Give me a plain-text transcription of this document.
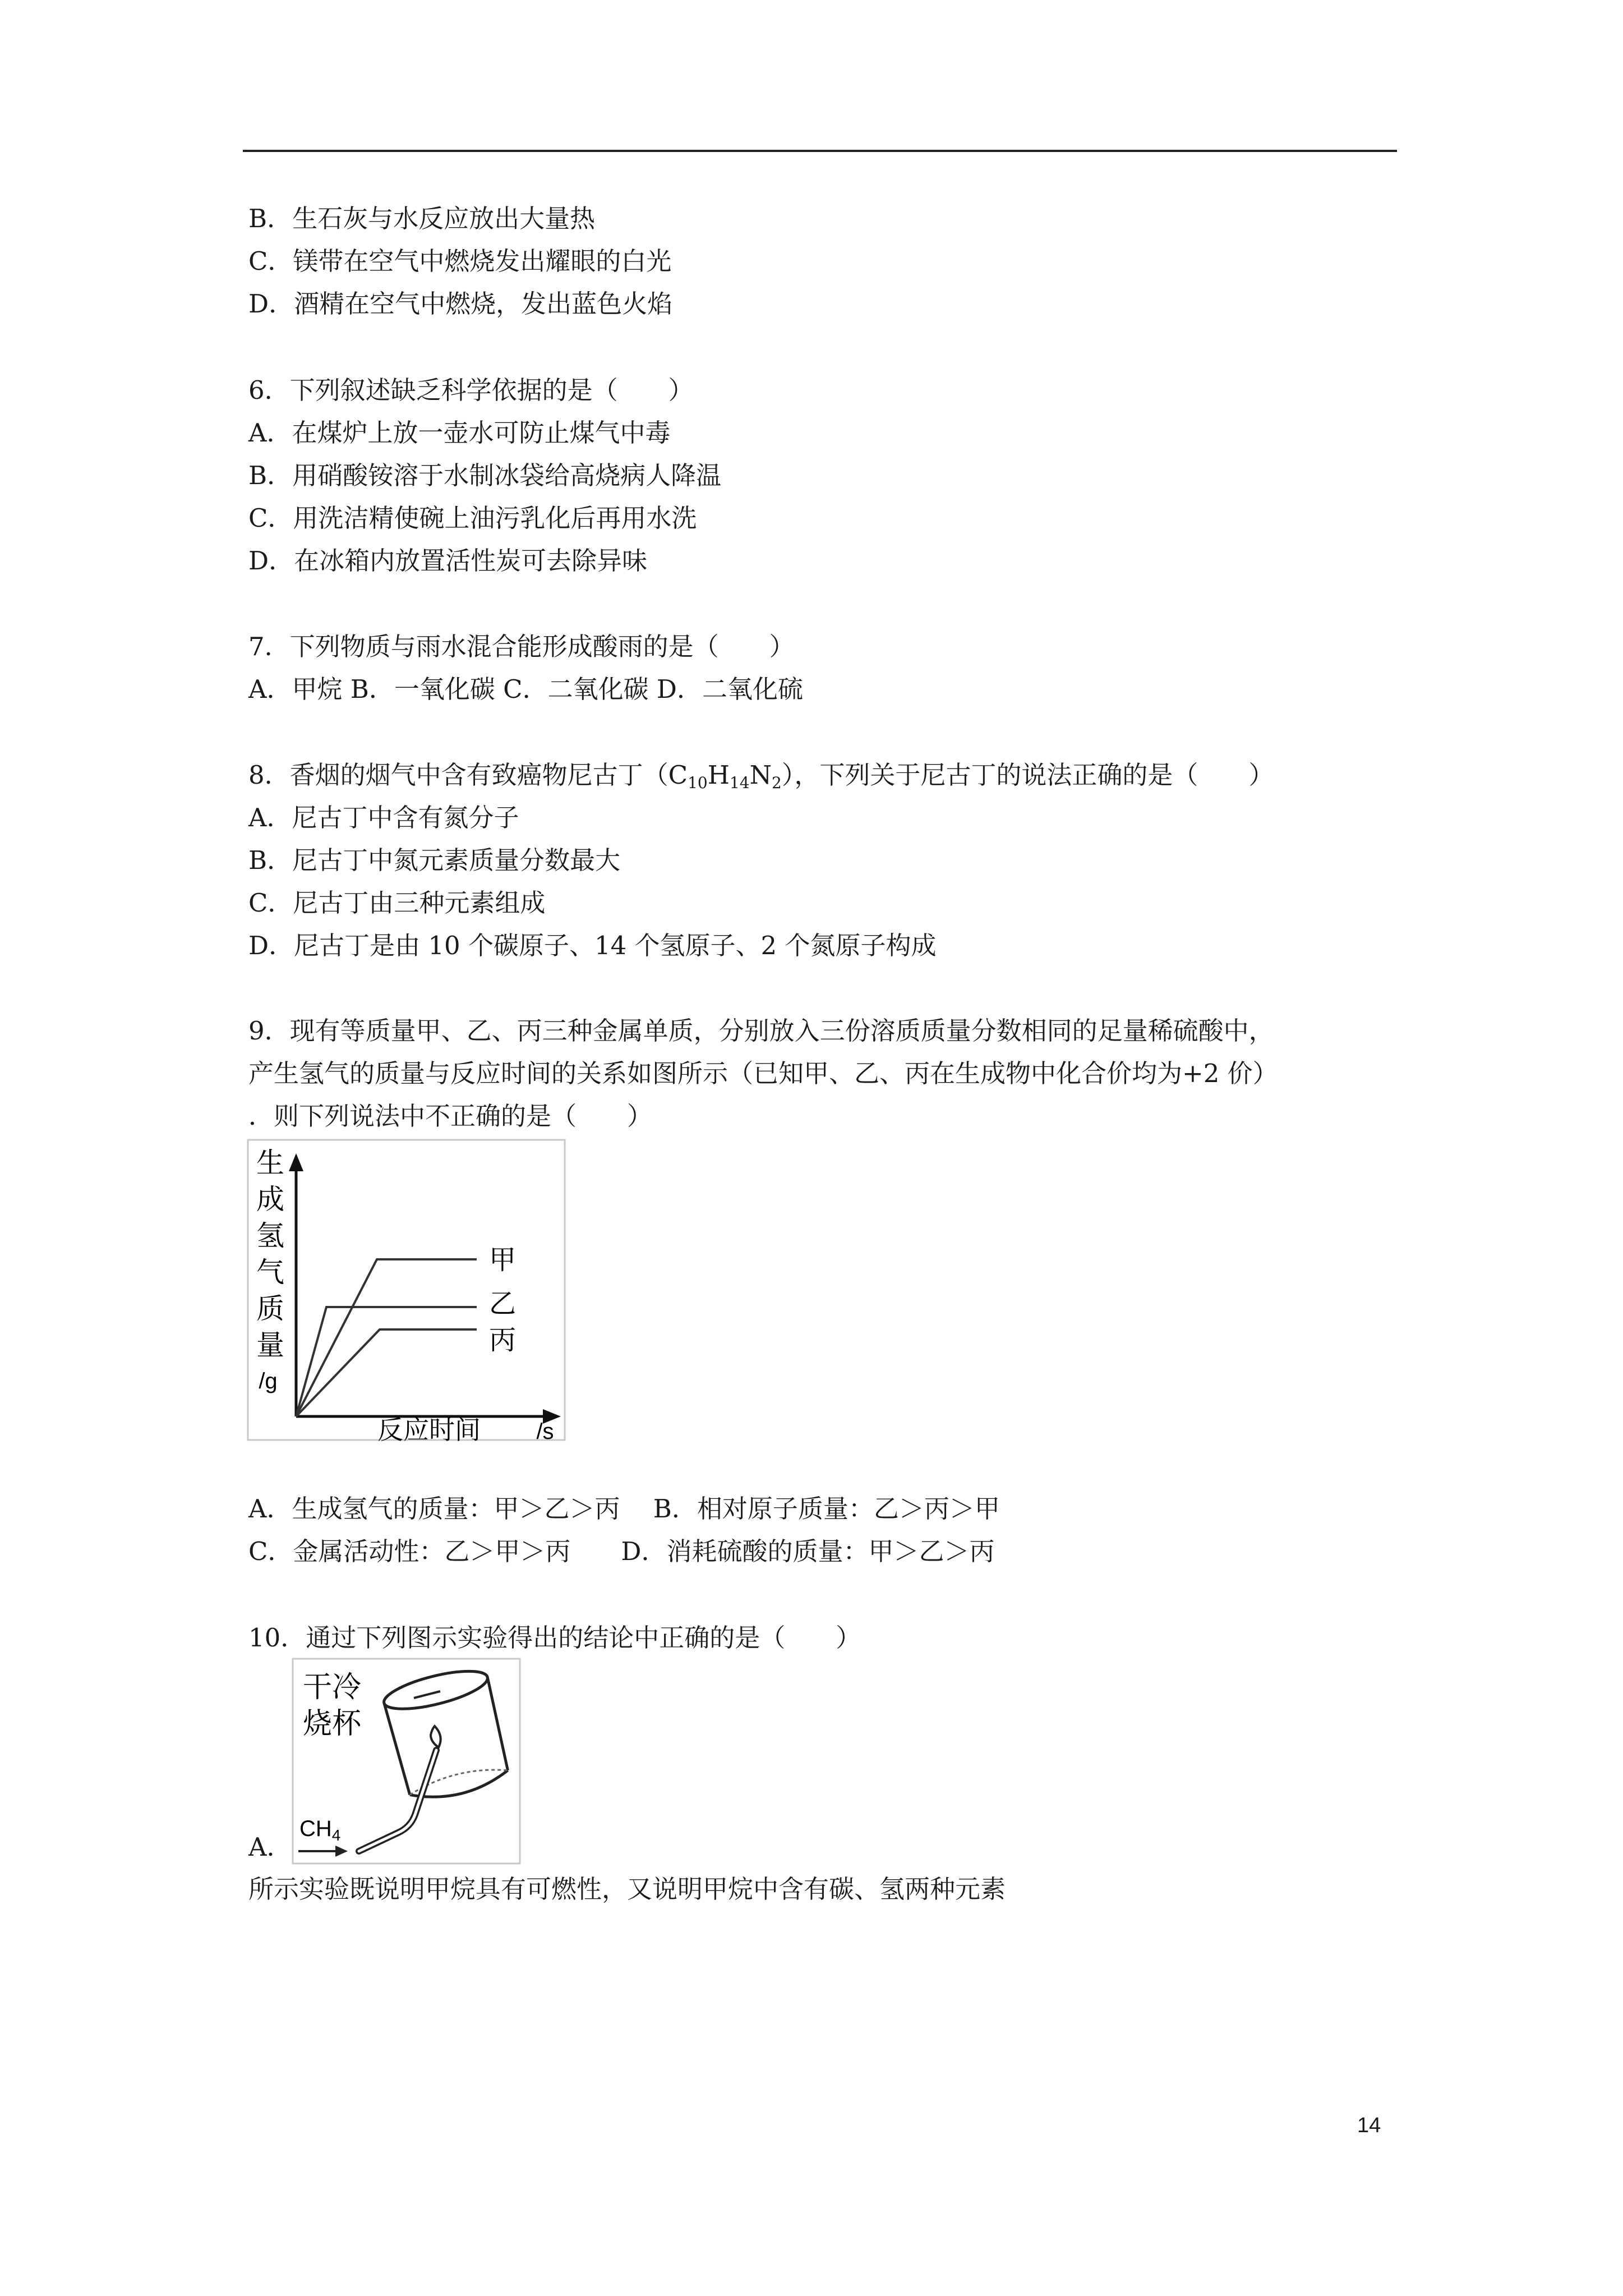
B．生石灰与水反应放出大量热
C．镁带在空气中燃烧发出耀眼的白光
D．酒精在空气中燃烧，发出蓝色火焰
6．下列叙述缺乏科学依据的是（　　）
A．在煤炉上放一壶水可防止煤气中毒
B．用硝酸铵溶于水制冰袋给高烧病人降温
C．用洗洁精使碗上油污乳化后再用水洗
D．在冰箱内放置活性炭可去除异味
7．下列物质与雨水混合能形成酸雨的是（　　）
A．甲烷 B．一氧化碳 C．二氧化碳 D．二氧化硫
8．香烟的烟气中含有致癌物尼古丁$(C_{10}H_{14}N_2)$，下列关于尼古丁的说法正确的是（　　）
A．尼古丁中含有氮分子
B．尼古丁中氮元素质量分数最大
C．尼古丁由三种元素组成
D．尼古丁是由 10 个碳原子、14 个氢原子、2 个氮原子构成
9．现有等质量甲、乙、丙三种金属单质，分别放入三份溶质质量分数相同的足量稀硫酸中，
产生氢气的质量与反应时间的关系如图所示（已知甲、乙、丙在生成物中化合价均为+2 价）
．则下列说法中不正确的是（　　）
生
成
氢
气
质
量
/g
甲
乙
丙
反应时间 /s
A．生成氢气的质量：甲＞乙＞丙　 B．相对原子质量：乙＞丙＞甲
C．金属活动性：乙＞甲＞丙　　D．消耗硫酸的质量：甲＞乙＞丙
10．通过下列图示实验得出的结论中正确的是（　　）
干冷
烧杯
$CH_4$
A．
所示实验既说明甲烷具有可燃性，又说明甲烷中含有碳、氢两种元素
14
